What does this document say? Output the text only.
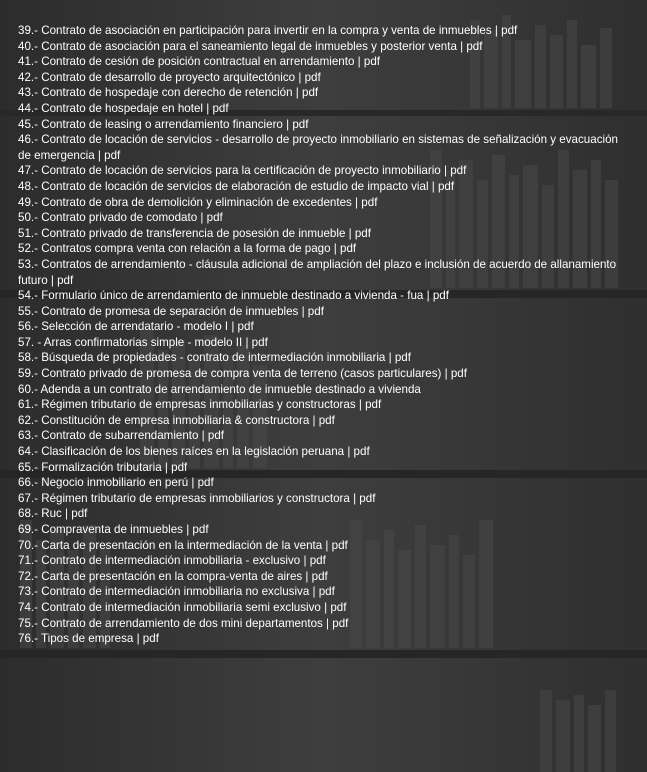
39.- Contrato de asociación en participación para invertir en la compra y venta de inmuebles | pdf
40.- Contrato de asociación para el saneamiento legal de inmuebles y posterior venta | pdf
41.- Contrato de cesión de posición contractual en arrendamiento | pdf
42.- Contrato de desarrollo de proyecto arquitectónico | pdf
43.- Contrato de hospedaje con derecho de retención | pdf
44.- Contrato de hospedaje en hotel | pdf
45.- Contrato de leasing o arrendamiento financiero | pdf
46.- Contrato de locación de servicios - desarrollo de proyecto inmobiliario en sistemas de señalización y evacuación de emergencia | pdf
47.- Contrato de locación de servicios para la certificación de proyecto inmobiliario | pdf
48.- Contrato de locación de servicios de elaboración de estudio de impacto vial | pdf
49.- Contrato de obra de demolición y eliminación de excedentes | pdf
50.- Contrato privado de comodato | pdf
51.- Contrato privado de transferencia de posesión de inmueble | pdf
52.- Contratos compra venta con relación a la forma de pago | pdf
53.- Contratos de arrendamiento - cláusula adicional de ampliación del plazo e inclusión de acuerdo de allanamiento futuro | pdf
54.- Formulario único de arrendamiento de inmueble destinado a vivienda - fua | pdf
55.- Contrato de promesa de separación de inmuebles | pdf
56.- Selección de arrendatario - modelo I | pdf
57. - Arras confirmatorias simple - modelo II | pdf
58.- Búsqueda de propiedades - contrato de intermediación inmobiliaria | pdf
59.- Contrato privado de promesa de compra venta de terreno (casos particulares) | pdf
60.- Adenda a un contrato de arrendamiento de inmueble destinado a vivienda
61.- Régimen tributario de empresas inmobiliarias y constructoras | pdf
62.- Constitución de empresa inmobiliaria & constructora | pdf
63.- Contrato de subarrendamiento | pdf
64.- Clasificación de los bienes raíces en la legislación peruana | pdf
65.- Formalización tributaria | pdf
66.- Negocio inmobiliario en perú | pdf
67.- Régimen tributario de empresas inmobiliarios y constructora | pdf
68.- Ruc | pdf
69.- Compraventa de inmuebles | pdf
70.- Carta de presentación en la intermediación de la venta | pdf
71.- Contrato de intermediación inmobiliaria - exclusivo | pdf
72.- Carta de presentación en la compra-venta de aires | pdf
73.- Contrato de intermediación inmobiliaria no exclusiva | pdf
74.- Contrato de intermediación inmobiliaria semi exclusivo | pdf
75.- Contrato de arrendamiento de dos mini departamentos | pdf
76.- Tipos de empresa | pdf
